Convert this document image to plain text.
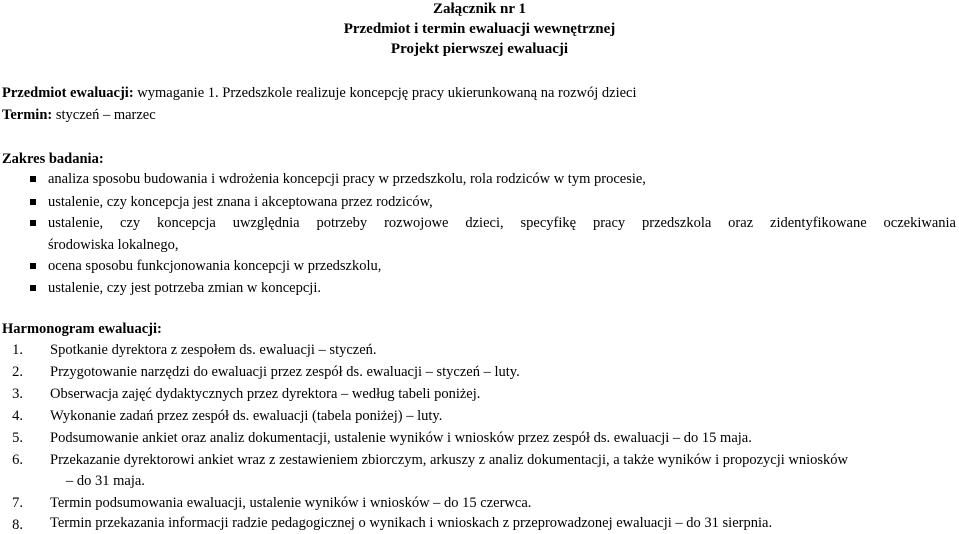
Załącznik nr 1
Przedmiot i termin ewaluacji wewnętrznej
Projekt pierwszej ewaluacji
Przedmiot ewaluacji: wymaganie 1. Przedszkole realizuje koncepcję pracy ukierunkowaną na rozwój dzieci
Termin: styczeń – marzec
Zakres badania:
analiza sposobu budowania i wdrożenia koncepcji pracy w przedszkolu, rola rodziców w tym procesie,
ustalenie, czy koncepcja jest znana i akceptowana przez rodziców,
ustalenie, czy koncepcja uwzględnia potrzeby rozwojowe dzieci, specyfikę pracy przedszkola oraz zidentyfikowane oczekiwania
środowiska lokalnego,
ocena sposobu funkcjonowania koncepcji w przedszkolu,
ustalenie, czy jest potrzeba zmian w koncepcji.
Harmonogram ewaluacji:
1. Spotkanie dyrektora z zespołem ds. ewaluacji – styczeń.
2. Przygotowanie narzędzi do ewaluacji przez zespół ds. ewaluacji – styczeń – luty.
3. Obserwacja zajęć dydaktycznych przez dyrektora – według tabeli poniżej.
4. Wykonanie zadań przez zespół ds. ewaluacji (tabela poniżej) – luty.
5. Podsumowanie ankiet oraz analiz dokumentacji, ustalenie wyników i wniosków przez zespół ds. ewaluacji – do 15 maja.
6. Przekazanie dyrektorowi ankiet wraz z zestawieniem zbiorczym, arkuszy z analiz dokumentacji, a także wyników i propozycji wniosków
– do 31 maja.
7. Termin podsumowania ewaluacji, ustalenie wyników i wniosków – do 15 czerwca.
8. Termin przekazania informacji radzie pedagogicznej o wynikach i wnioskach z przeprowadzonej ewaluacji – do 31 sierpnia.
